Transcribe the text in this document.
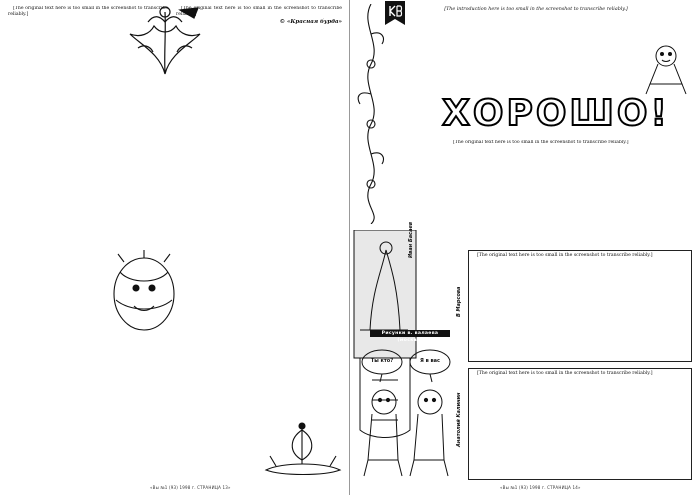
[The original text here is too small in the screenshot to transcribe reliably.]

[The original text here is too small in the screenshot to transcribe reliably.]

© «Красная бурда»
«Вы №1 (93) 1998 г. СТРАНИЦА 13»
[The introduction here is too small in the screenshot to transcribe reliably.]
ХОРОШО!
Иван Басаев

[The original text here is too small in the screenshot to transcribe reliably.]

Рисунки в. валаева (москва)
Ты кто?	Я в вас

[The original text here is too small in the screenshot to transcribe reliably.]

В Марсова

[The original text here is too small in the screenshot to transcribe reliably.]

Анатолий Калинин
«Вы №1 (93) 1998 г. СТРАНИЦА 14»
